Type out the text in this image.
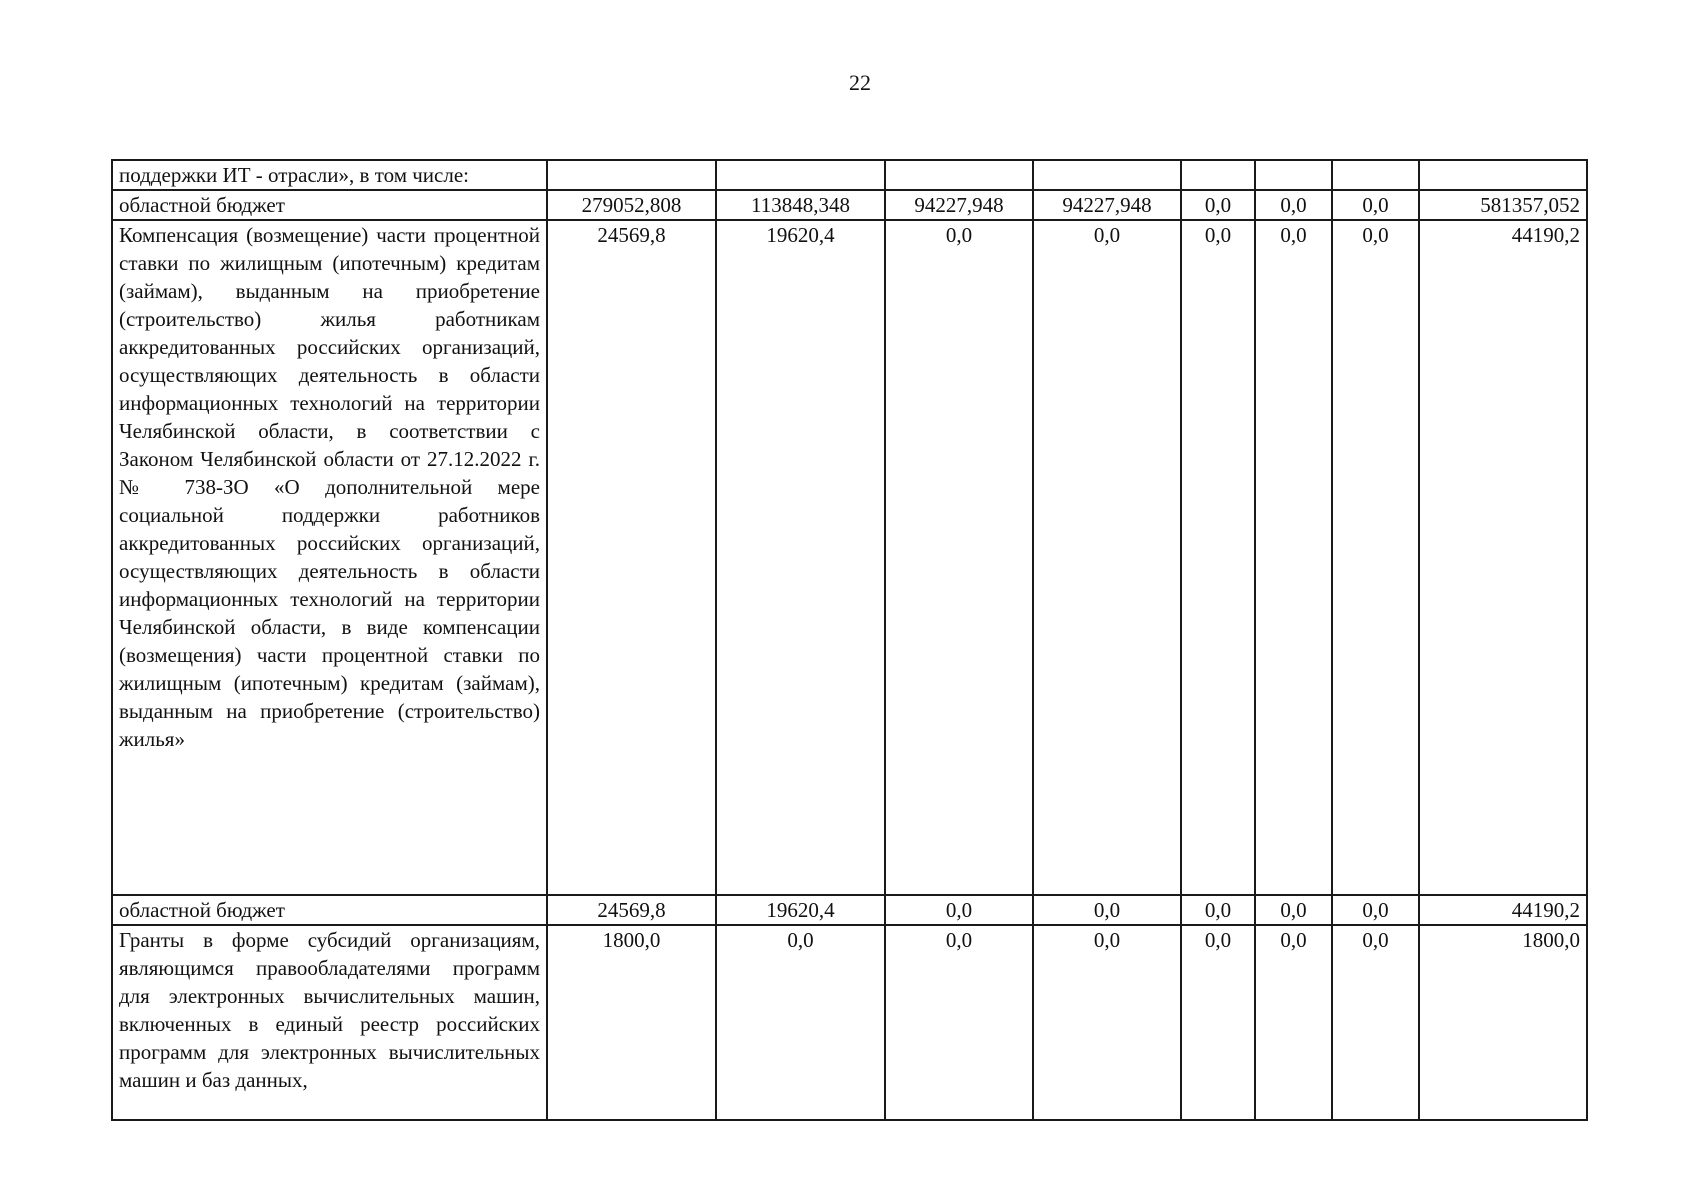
22
поддержки ИТ - отрасли», в том числе:								
областной бюджет	279052,808	113848,348	94227,948	94227,948	0,0	0,0	0,0	581357,052
Компенсация (возмещение) части процентной ставки по жилищным (ипотечным) кредитам (займам), выданным на приобретение (строительство) жилья работникам аккредитованных российских организаций, осуществляющих деятельность в области информационных технологий на территории Челябинской области, в соответствии с Законом Челябинской области от 27.12.2022 г. № 738-ЗО «О дополнительной мере социальной поддержки работников аккредитованных российских организаций, осуществляющих деятельность в области информационных технологий на территории Челябинской области, в виде компенсации (возмещения) части процентной ставки по жилищным (ипотечным) кредитам (займам), выданным на приобретение (строительство) жилья»	24569,8	19620,4	0,0	0,0	0,0	0,0	0,0	44190,2
областной бюджет	24569,8	19620,4	0,0	0,0	0,0	0,0	0,0	44190,2
Гранты в форме субсидий организациям, являющимся правообладателями программ для электронных вычислительных машин, включенных в единый реестр российских программ для электронных вычислительных машин и баз данных,	1800,0	0,0	0,0	0,0	0,0	0,0	0,0	1800,0
